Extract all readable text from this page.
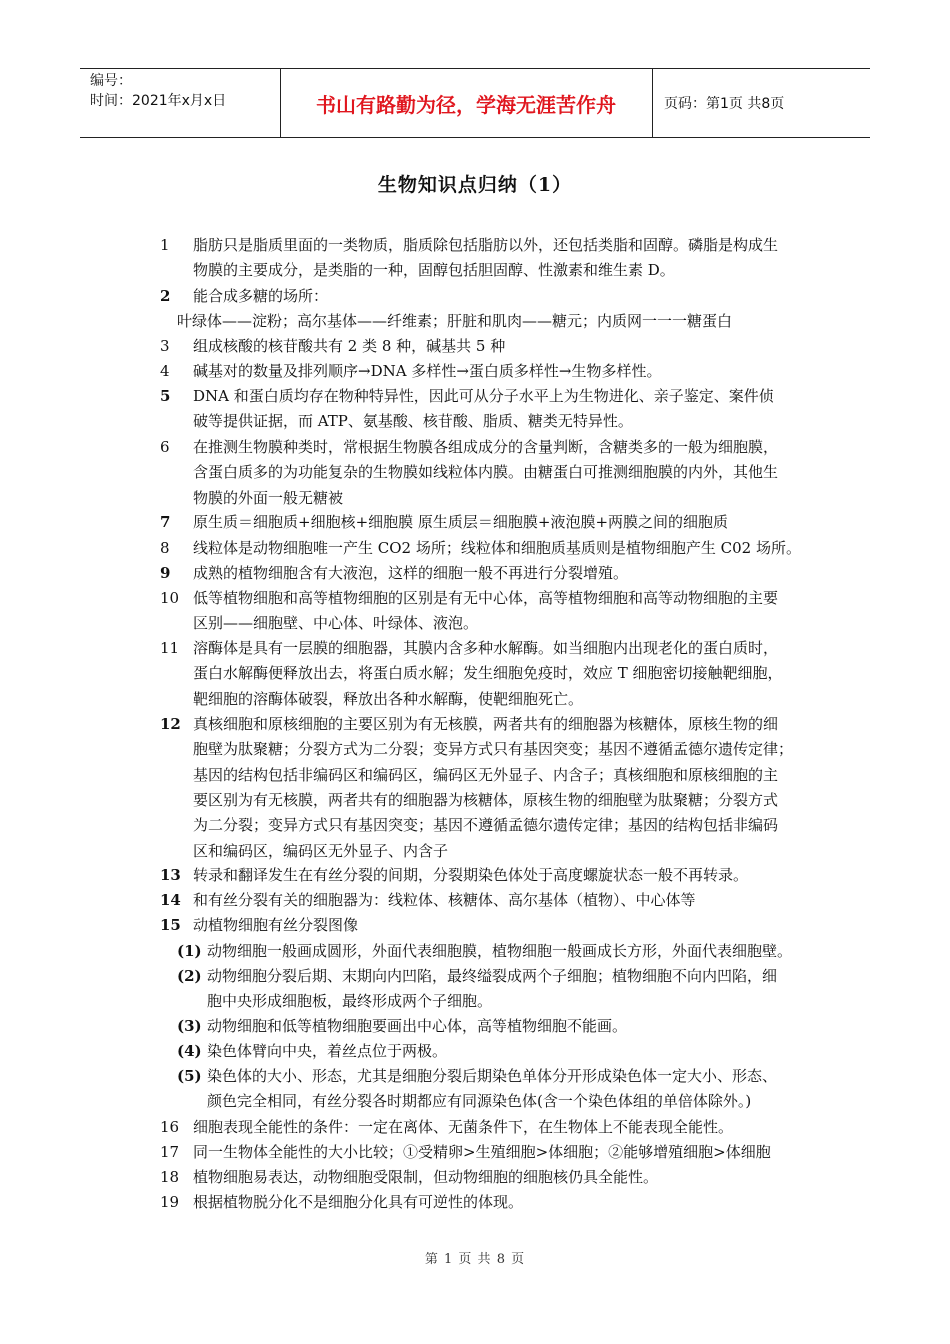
编号：
时间：2021年x月x日	书山有路勤为径，学海无涯苦作舟	页码：第1页 共8页
生物知识点归纳（1）
1 脂肪只是脂质里面的一类物质，脂质除包括脂肪以外，还包括类脂和固醇。磷脂是构成生
物膜的主要成分，是类脂的一种，固醇包括胆固醇、性激素和维生素 D。
2 能合成多糖的场所：
叶绿体——淀粉；高尔基体——纤维素；肝脏和肌肉——糖元；内质网一一一糖蛋白
3 组成核酸的核苷酸共有 2 类 8 种，碱基共 5 种
4 碱基对的数量及排列顺序→DNA 多样性→蛋白质多样性→生物多样性。
5 DNA 和蛋白质均存在物种特异性，因此可从分子水平上为生物进化、亲子鉴定、案件侦
破等提供证据，而 ATP、氨基酸、核苷酸、脂质、糖类无特异性。
6 在推测生物膜种类时，常根据生物膜各组成成分的含量判断，含糖类多的一般为细胞膜，
含蛋白质多的为功能复杂的生物膜如线粒体内膜。由糖蛋白可推测细胞膜的内外，其他生
物膜的外面一般无糖被
7 原生质＝细胞质+细胞核+细胞膜 原生质层＝细胞膜+液泡膜+两膜之间的细胞质
8 线粒体是动物细胞唯一产生 CO2 场所；线粒体和细胞质基质则是植物细胞产生 C02 场所。
9 成熟的植物细胞含有大液泡，这样的细胞一般不再进行分裂增殖。
10 低等植物细胞和高等植物细胞的区别是有无中心体，高等植物细胞和高等动物细胞的主要
区别——细胞壁、中心体、叶绿体、液泡。
11 溶酶体是具有一层膜的细胞器，其膜内含多种水解酶。如当细胞内出现老化的蛋白质时，
蛋白水解酶便释放出去，将蛋白质水解；发生细胞免疫时，效应 T 细胞密切接触靶细胞，
靶细胞的溶酶体破裂，释放出各种水解酶，使靶细胞死亡。
12 真核细胞和原核细胞的主要区别为有无核膜，两者共有的细胞器为核糖体，原核生物的细
胞壁为肽聚糖；分裂方式为二分裂；变异方式只有基因突变；基因不遵循孟德尔遗传定律；
基因的结构包括非编码区和编码区，编码区无外显子、内含子；真核细胞和原核细胞的主
要区别为有无核膜，两者共有的细胞器为核糖体，原核生物的细胞壁为肽聚糖；分裂方式
为二分裂；变异方式只有基因突变；基因不遵循孟德尔遗传定律；基因的结构包括非编码
区和编码区，编码区无外显子、内含子
13 转录和翻译发生在有丝分裂的间期，分裂期染色体处于高度螺旋状态一般不再转录。
14 和有丝分裂有关的细胞器为：线粒体、核糖体、高尔基体（植物）、中心体等
15 动植物细胞有丝分裂图像
(1) 动物细胞一般画成圆形，外面代表细胞膜，植物细胞一般画成长方形，外面代表细胞壁。
(2) 动物细胞分裂后期、末期向内凹陷，最终缢裂成两个子细胞；植物细胞不向内凹陷，细
胞中央形成细胞板，最终形成两个子细胞。
(3) 动物细胞和低等植物细胞要画出中心体，高等植物细胞不能画。
(4) 染色体臂向中央，着丝点位于两极。
(5) 染色体的大小、形态，尤其是细胞分裂后期染色单体分开形成染色体一定大小、形态、
颜色完全相同，有丝分裂各时期都应有同源染色体(含一个染色体组的单倍体除外。)
16 细胞表现全能性的条件：一定在离体、无菌条件下，在生物体上不能表现全能性。
17 同一生物体全能性的大小比较；①受精卵>生殖细胞>体细胞；②能够增殖细胞>体细胞
18 植物细胞易表达，动物细胞受限制，但动物细胞的细胞核仍具全能性。
19 根据植物脱分化不是细胞分化具有可逆性的体现。
第 1 页 共 8 页
